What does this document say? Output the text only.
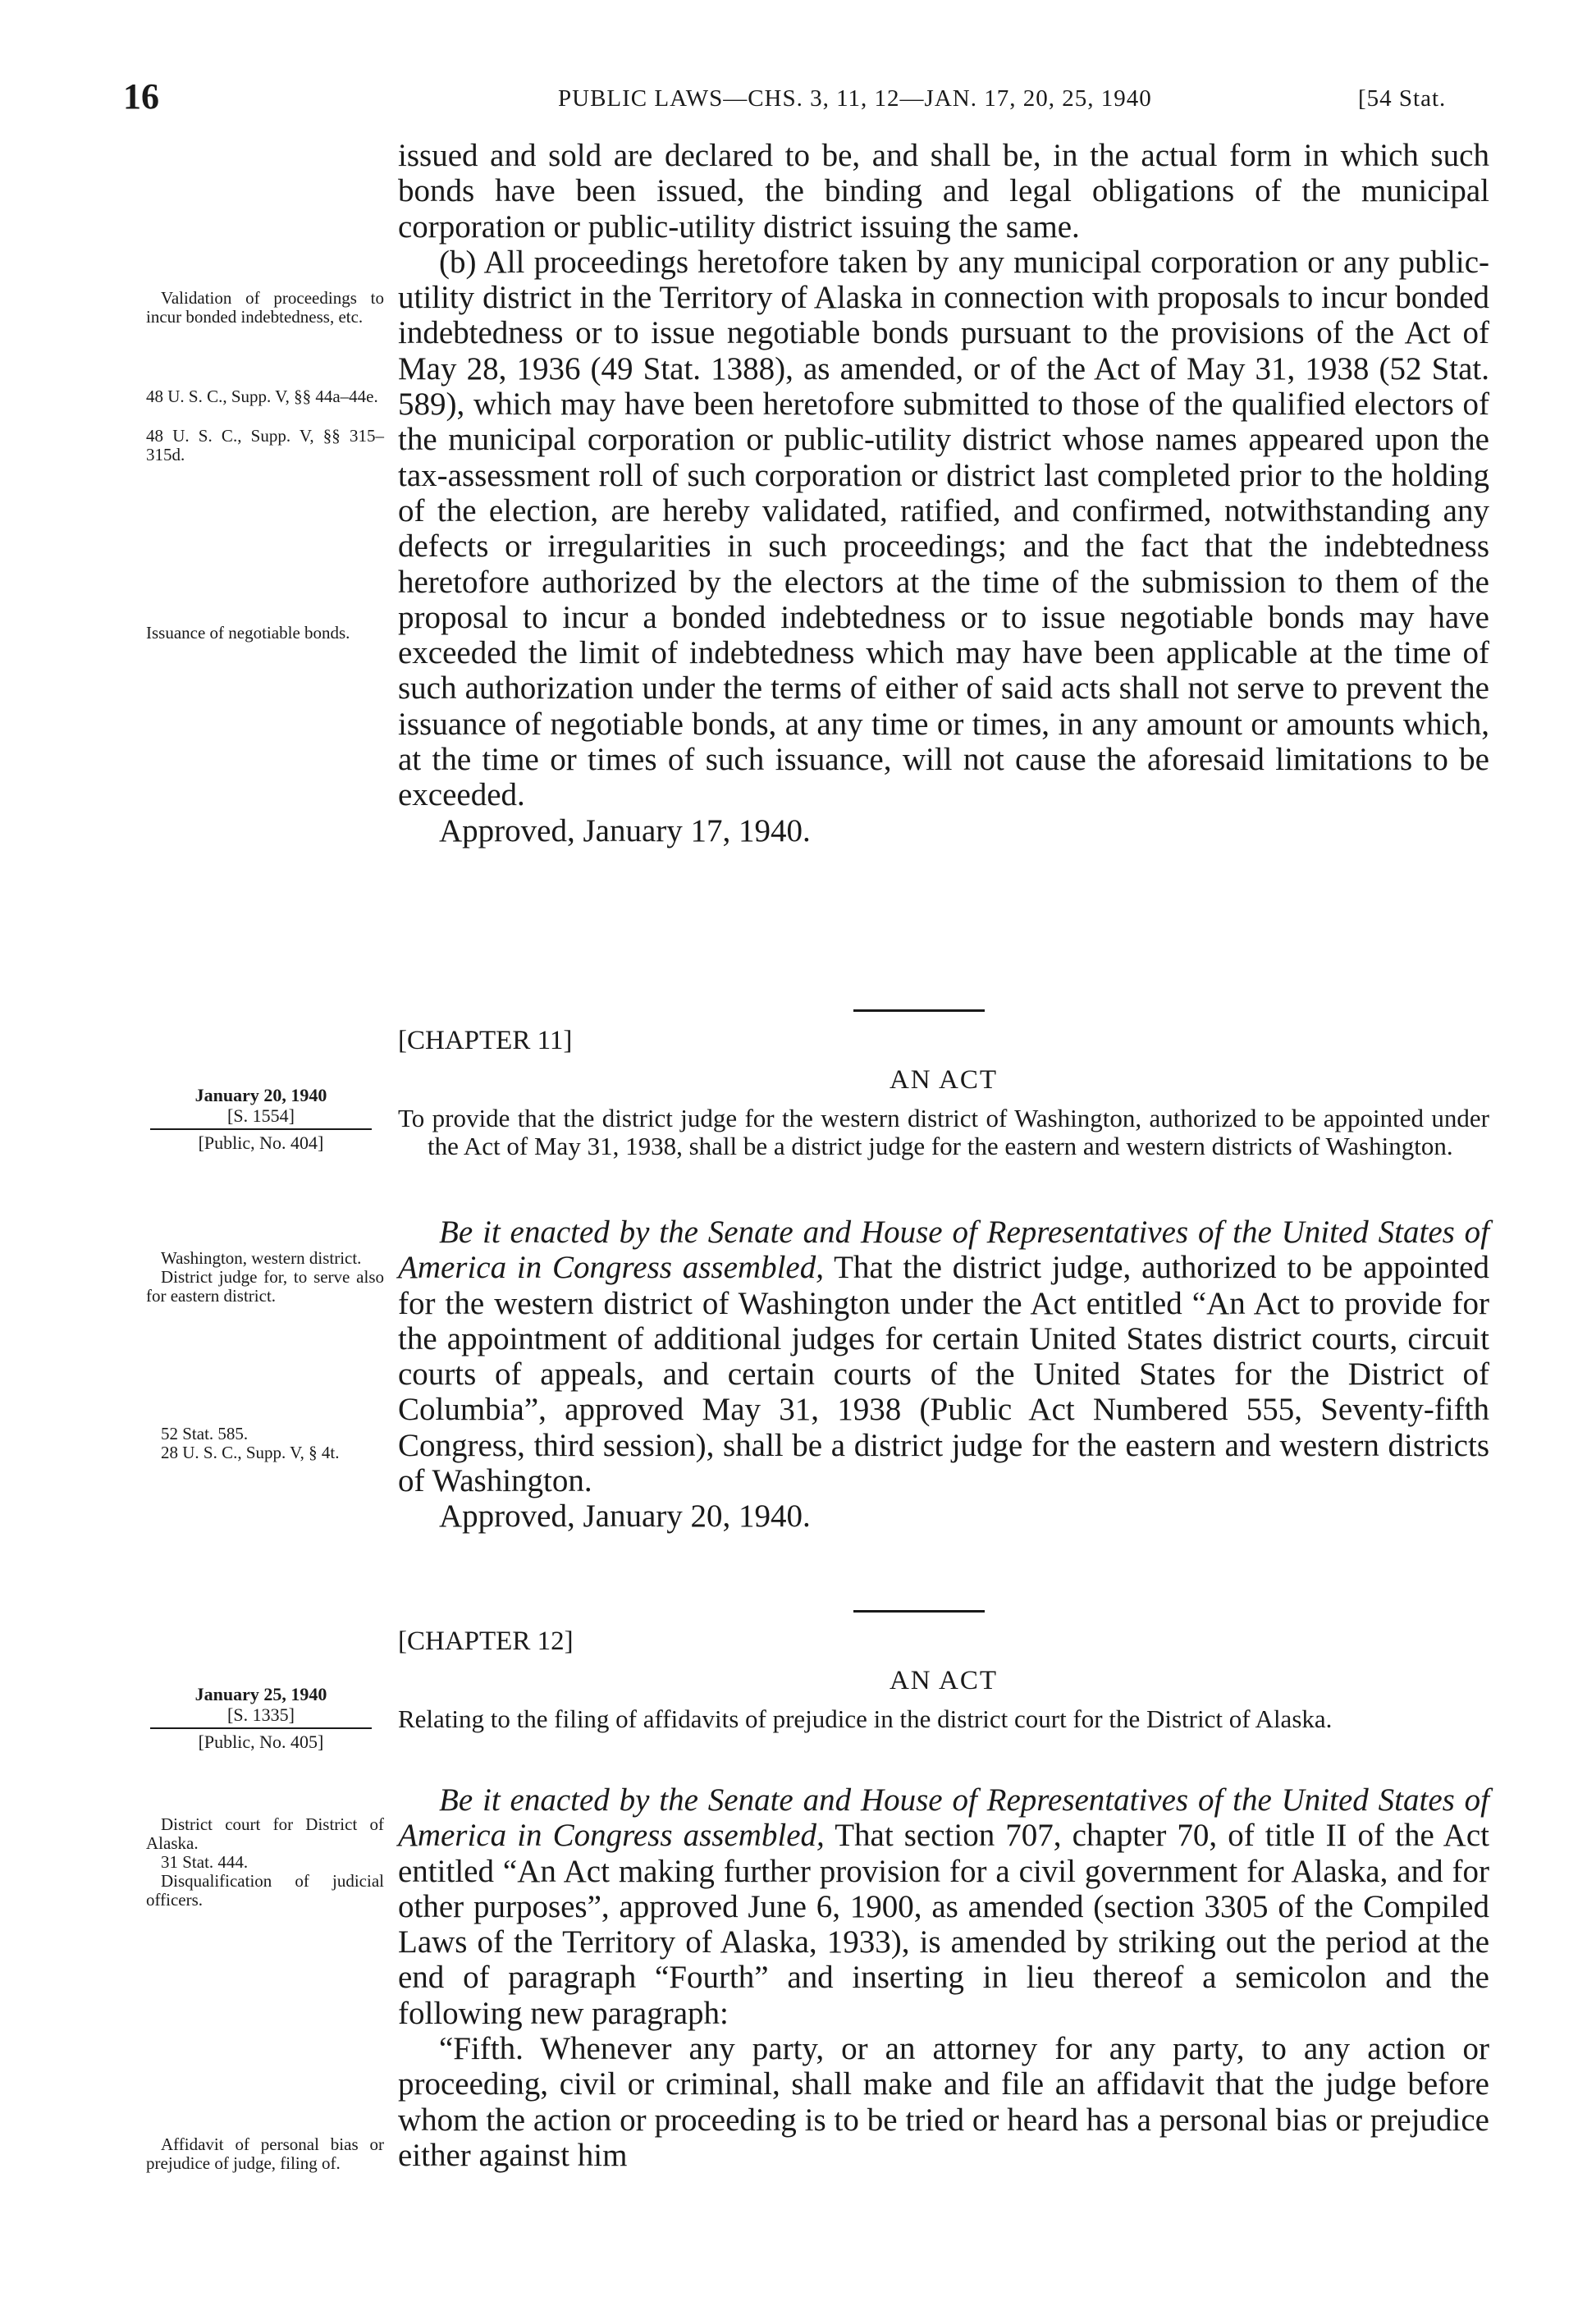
16	PUBLIC LAWS—CHS. 3, 11, 12—JAN. 17, 20, 25, 1940	[54 Stat.

issued and sold are declared to be, and shall be, in the actual form in which such bonds have been issued, the binding and legal obligations of the municipal corporation or public-utility district issuing the same.

(b) All proceedings heretofore taken by any municipal corporation or any public-utility district in the Territory of Alaska in connection with proposals to incur bonded indebtedness or to issue negotiable bonds pursuant to the provisions of the Act of May 28, 1936 (49 Stat. 1388), as amended, or of the Act of May 31, 1938 (52 Stat. 589), which may have been heretofore submitted to those of the qualified electors of the municipal corporation or public-utility district whose names appeared upon the tax-assessment roll of such corporation or district last completed prior to the holding of the election, are hereby validated, ratified, and confirmed, notwithstanding any defects or irregularities in such proceedings; and the fact that the indebtedness heretofore authorized by the electors at the time of the submission to them of the proposal to incur a bonded indebtedness or to issue negotiable bonds may have exceeded the limit of indebtedness which may have been applicable at the time of such authorization under the terms of either of said acts shall not serve to prevent the issuance of negotiable bonds, at any time or times, in any amount or amounts which, at the time or times of such issuance, will not cause the aforesaid limitations to be exceeded.

Approved, January 17, 1940.

Validation of proceedings to incur bonded indebtedness, etc.

48 U. S. C., Supp. V, §§ 44a–44e.

48 U. S. C., Supp. V, §§ 315–315d.

Issuance of negotiable bonds.

[CHAPTER 11]
AN ACT

To provide that the district judge for the western district of Washington, authorized to be appointed under the Act of May 31, 1938, shall be a district judge for the eastern and western districts of Washington.

January 20, 1940
[S. 1554]
[Public, No. 404]

Be it enacted by the Senate and House of Representatives of the United States of America in Congress assembled, That the district judge, authorized to be appointed for the western district of Washington under the Act entitled “An Act to provide for the appointment of additional judges for certain United States district courts, circuit courts of appeals, and certain courts of the United States for the District of Columbia”, approved May 31, 1938 (Public Act Numbered 555, Seventy-fifth Congress, third session), shall be a district judge for the eastern and western districts of Washington.

Approved, January 20, 1940.

Washington, western district.

District judge for, to serve also for eastern district.

52 Stat. 585.

28 U. S. C., Supp. V, § 4t.

[CHAPTER 12]
AN ACT

Relating to the filing of affidavits of prejudice in the district court for the District of Alaska.

January 25, 1940
[S. 1335]
[Public, No. 405]

Be it enacted by the Senate and House of Representatives of the United States of America in Congress assembled, That section 707, chapter 70, of title II of the Act entitled “An Act making further provision for a civil government for Alaska, and for other purposes”, approved June 6, 1900, as amended (section 3305 of the Compiled Laws of the Territory of Alaska, 1933), is amended by striking out the period at the end of paragraph “Fourth” and inserting in lieu thereof a semicolon and the following new paragraph:

“Fifth. Whenever any party, or an attorney for any party, to any action or proceeding, civil or criminal, shall make and file an affidavit that the judge before whom the action or proceeding is to be tried or heard has a personal bias or prejudice either against him

District court for District of Alaska.

31 Stat. 444.

Disqualification of judicial officers.

Affidavit of personal bias or prejudice of judge, filing of.
